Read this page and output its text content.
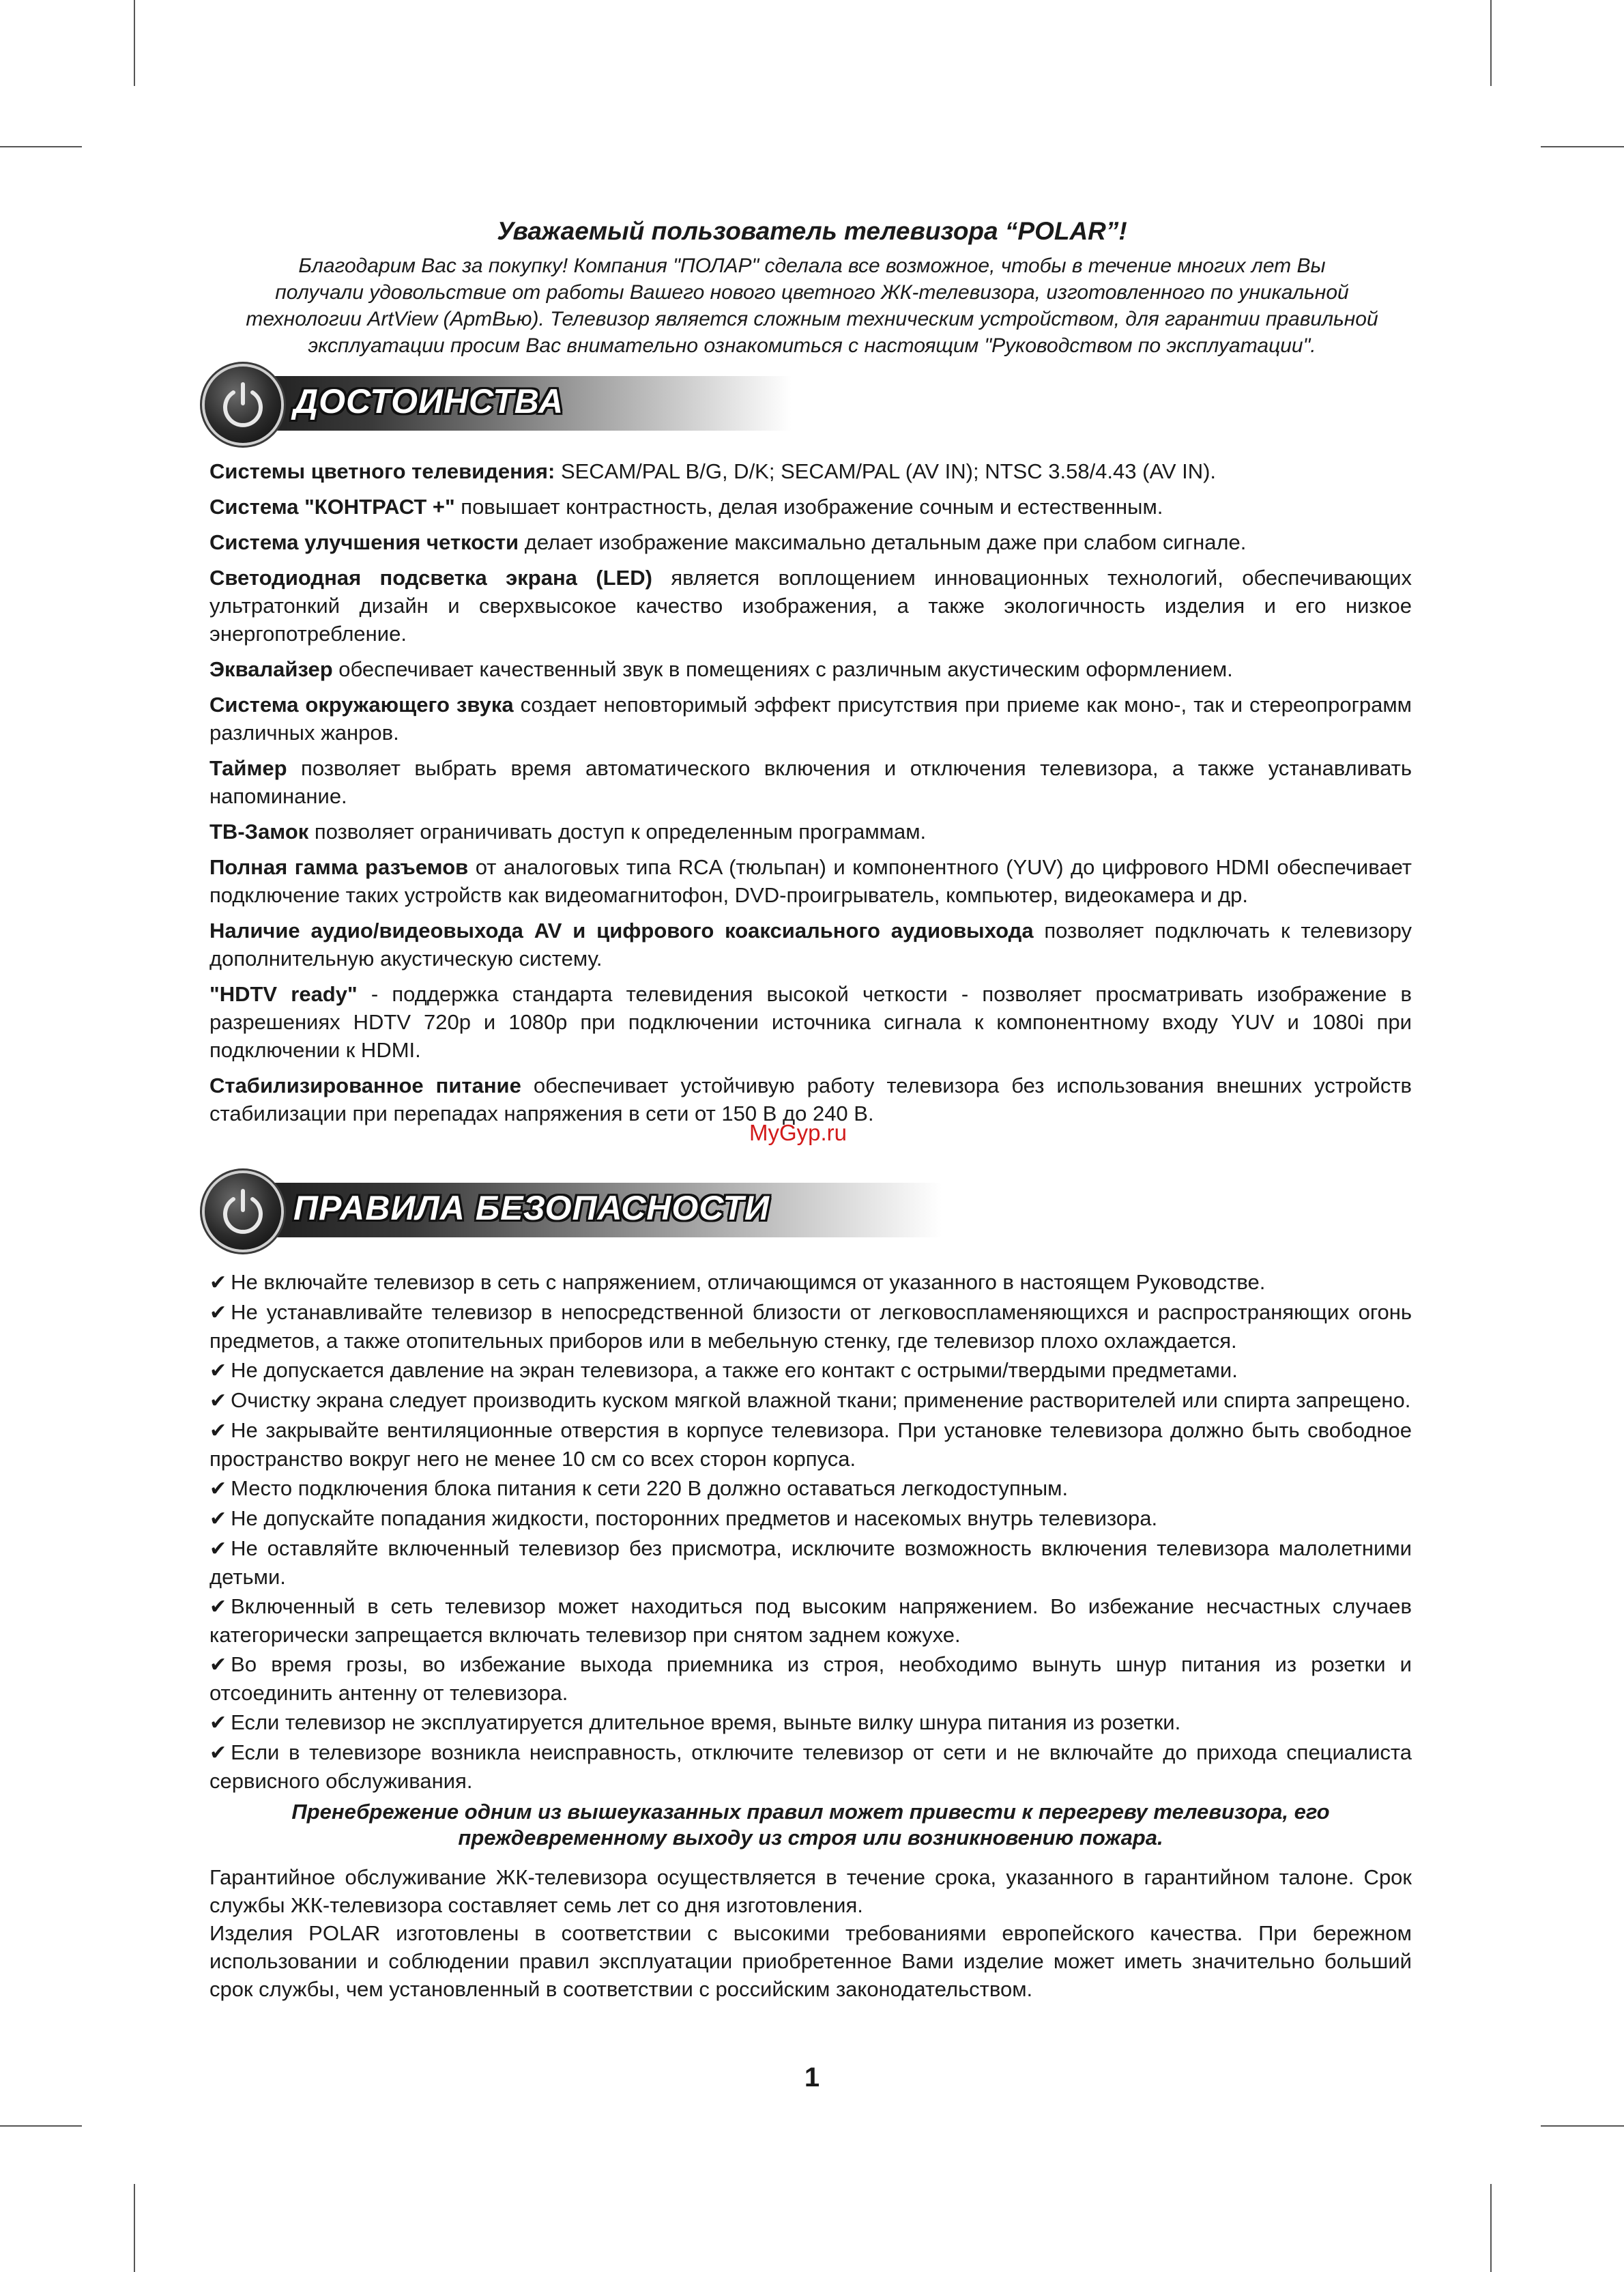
Уважаемый пользователь телевизора “POLAR”!

Благодарим Вас за покупку! Компания "ПОЛАР" сделала все возможное, чтобы в течение многих лет Вы
получали удовольствие от работы Вашего нового цветного ЖК-телевизора, изготовленного по уникальной
технологии ArtView (АртВью). Телевизор является сложным техническим устройством, для гарантии правильной
эксплуатации просим Вас внимательно ознакомиться с настоящим "Руководством по эксплуатации".

ДОСТОИНСТВА

Системы цветного телевидения: SECAM/PAL B/G, D/K; SECAM/PAL (AV IN); NTSC 3.58/4.43 (AV IN).

Система "КОНТРАСТ +" повышает контрастность, делая изображение сочным и естественным.

Система улучшения четкости делает изображение максимально детальным даже при слабом сигнале.

Светодиодная подсветка экрана (LED) является воплощением инновационных технологий, обеспечивающих ультратонкий дизайн и сверхвысокое качество изображения, а также экологичность изделия и его низкое энергопотребление.

Эквалайзер обеспечивает качественный звук в помещениях с различным акустическим оформлением.

Система окружающего звука создает неповторимый эффект присутствия при приеме как моно-, так и стереопрограмм различных жанров.

Таймер позволяет выбрать время автоматического включения и отключения телевизора, а также устанавливать напоминание.

ТВ-Замок позволяет ограничивать доступ к определенным программам.

Полная гамма разъемов от аналоговых типа RCA (тюльпан) и компонентного (YUV) до цифрового HDMI обеспечивает подключение таких устройств как видеомагнитофон, DVD-проигрыватель, компьютер, видеокамера и др.

Наличие аудио/видеовыхода AV и цифрового коаксиального аудиовыхода позволяет подключать к телевизору дополнительную акустическую систему.

"HDTV ready" - поддержка стандарта телевидения высокой четкости - позволяет просматривать изображение в разрешениях HDTV 720p и 1080p при подключении источника сигнала к компонентному входу YUV и 1080i при подключении к HDMI.

Стабилизированное питание обеспечивает устойчивую работу телевизора без использования внешних устройств стабилизации при перепадах напряжения в сети от 150 В до 240 В.

MyGyp.ru
ПРАВИЛА БЕЗОПАСНОСТИ

✔ Не включайте телевизор в сеть с напряжением, отличающимся от указанного в настоящем Руководстве.

✔ Не устанавливайте телевизор в непосредственной близости от легковоспламеняющихся и распространяющих огонь предметов, а также отопительных приборов или в мебельную стенку, где телевизор плохо охлаждается.

✔ Не допускается давление на экран телевизора, а также его контакт с острыми/твердыми предметами.

✔ Очистку экрана следует производить куском мягкой влажной ткани; применение растворителей или спирта запрещено.

✔ Не закрывайте вентиляционные отверстия в корпусе телевизора. При установке телевизора должно быть свободное пространство вокруг него не менее 10 см со всех сторон корпуса.

✔ Место подключения блока питания к сети 220 В должно оставаться легкодоступным.

✔ Не допускайте попадания жидкости, посторонних предметов и насекомых внутрь телевизора.

✔ Не оставляйте включенный телевизор без присмотра, исключите возможность включения телевизора малолетними детьми.

✔ Включенный в сеть телевизор может находиться под высоким напряжением. Во избежание несчастных случаев категорически запрещается включать телевизор при снятом заднем кожухе.

✔ Во время грозы, во избежание выхода приемника из строя, необходимо вынуть шнур питания из розетки и отсоединить антенну от телевизора.

✔ Если телевизор не эксплуатируется длительное время, выньте вилку шнура питания из розетки.

✔ Если в телевизоре возникла неисправность, отключите телевизор от сети и не включайте до прихода специалиста сервисного обслуживания.

Пренебрежение одним из вышеуказанных правил может привести к перегреву телевизора, его
преждевременному выходу из строя или возникновению пожара.

Гарантийное обслуживание ЖК-телевизора осуществляется в течение срока, указанного в гарантийном талоне. Срок службы ЖК-телевизора составляет семь лет со дня изготовления.

Изделия POLAR изготовлены в соответствии с высокими требованиями европейского качества. При бережном использовании и соблюдении правил эксплуатации приобретенное Вами изделие может иметь значительно больший срок службы, чем установленный в соответствии с российским законодательством.

1
